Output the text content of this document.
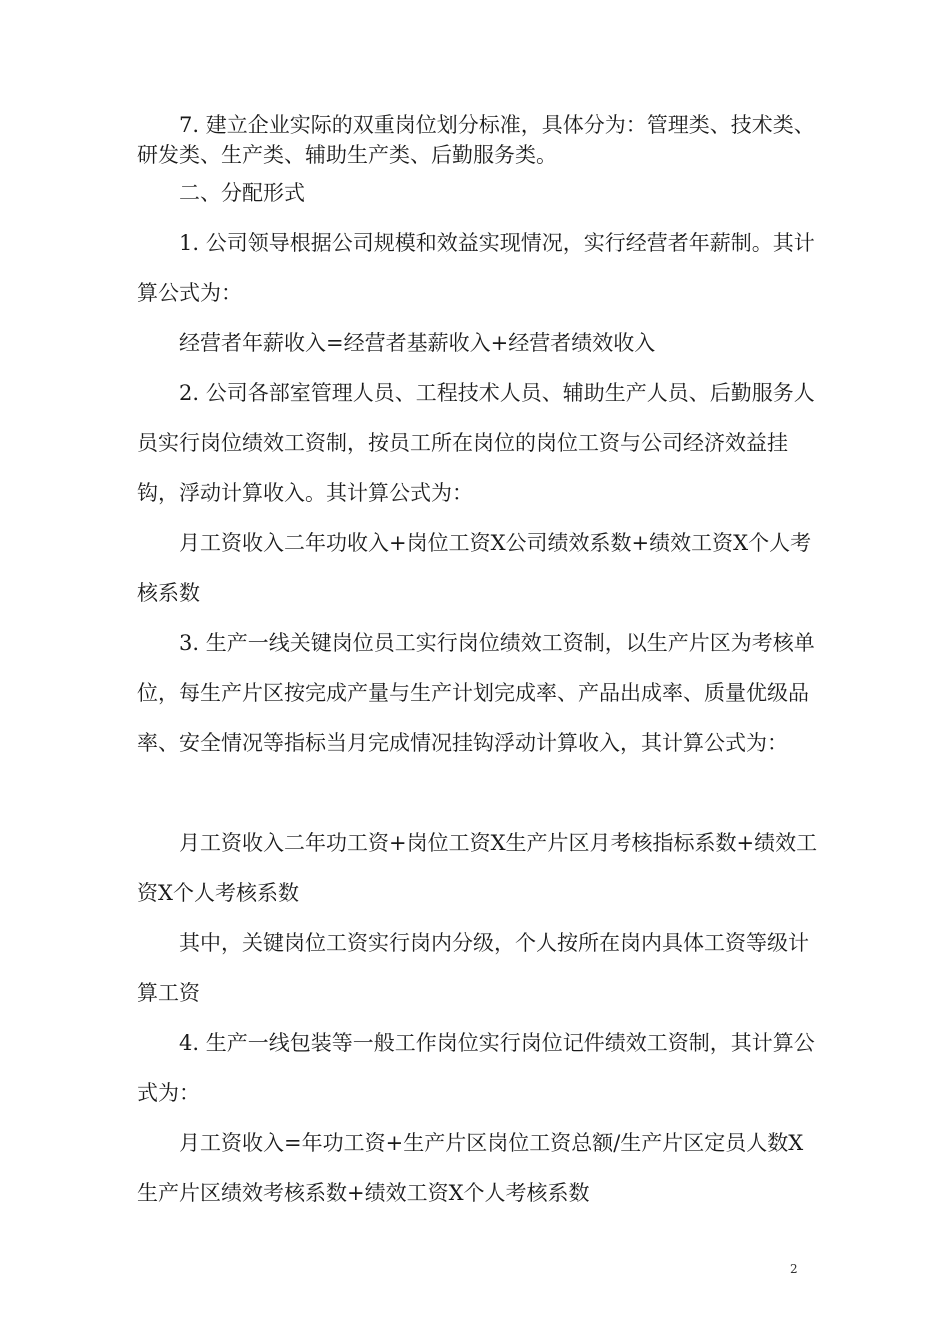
7. 建立企业实际的双重岗位划分标准，具体分为：管理类、技术类、研发类、生产类、辅助生产类、后勤服务类。

二、分配形式

1. 公司领导根据公司规模和效益实现情况，实行经营者年薪制。其计算公式为：

经营者年薪收入=经营者基薪收入+经营者绩效收入

2. 公司各部室管理人员、工程技术人员、辅助生产人员、后勤服务人员实行岗位绩效工资制，按员工所在岗位的岗位工资与公司经济效益挂钩，浮动计算收入。其计算公式为：

月工资收入二年功收入+岗位工资X公司绩效系数+绩效工资X个人考核系数

3. 生产一线关键岗位员工实行岗位绩效工资制，以生产片区为考核单位，每生产片区按完成产量与生产计划完成率、产品出成率、质量优级品率、安全情况等指标当月完成情况挂钩浮动计算收入，其计算公式为：

月工资收入二年功工资+岗位工资X生产片区月考核指标系数+绩效工资X个人考核系数

其中，关键岗位工资实行岗内分级，个人按所在岗内具体工资等级计算工资

4. 生产一线包装等一般工作岗位实行岗位记件绩效工资制，其计算公式为：

月工资收入=年功工资+生产片区岗位工资总额/生产片区定员人数X生产片区绩效考核系数+绩效工资X个人考核系数

2
